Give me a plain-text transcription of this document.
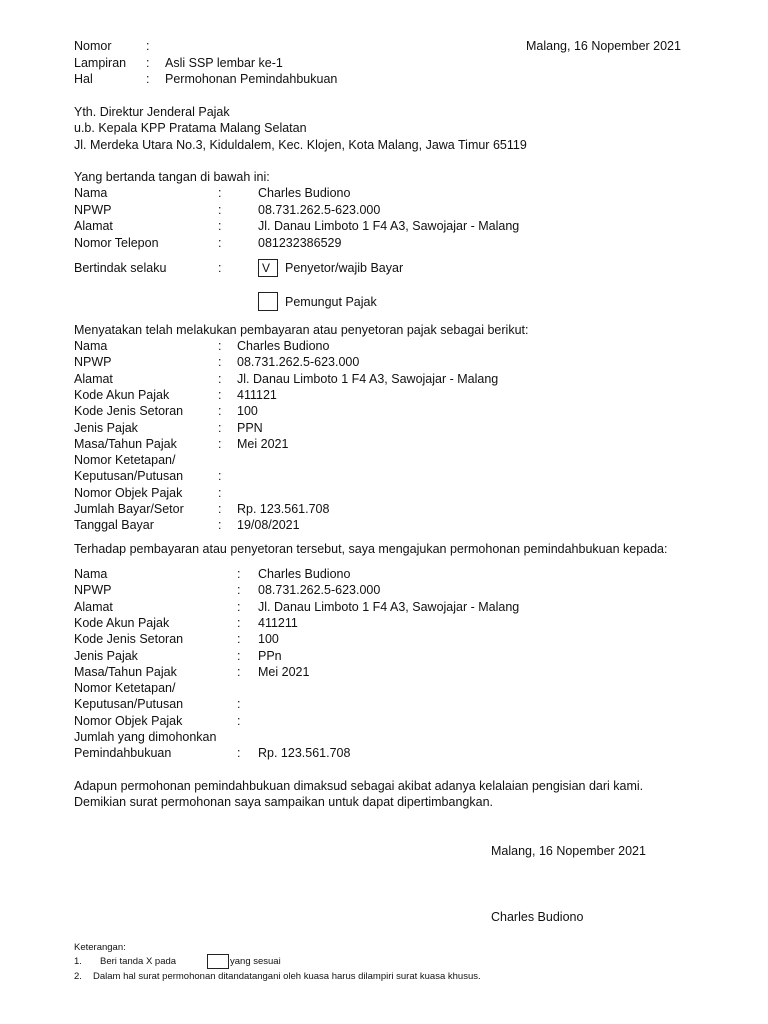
Malang, 16 Nopember 2021
Yth. Direktur Jenderal Pajak
u.b. Kepala KPP Pratama Malang Selatan
Jl. Merdeka Utara No.3, Kiduldalem, Kec. Klojen, Kota Malang, Jawa Timur 65119
Yang bertanda tangan di bawah ini:
Bertindak selaku	:	V Penyetor/wajib Bayar
Pemungut Pajak
Menyatakan telah melakukan pembayaran atau penyetoran pajak sebagai berikut:
Terhadap pembayaran atau penyetoran tersebut, saya mengajukan permohonan pemindahbukuan kepada:
Adapun permohonan pemindahbukuan dimaksud sebagai akibat adanya kelalaian pengisian dari kami.
Demikian surat permohonan saya sampaikan untuk dapat dipertimbangkan.
Malang, 16 Nopember 2021
Charles Budiono
Keterangan:
1. Beri tanda X pada	yang sesuai
2. Dalam hal surat permohonan ditandatangani oleh kuasa harus dilampiri surat kuasa khusus.
Nomor	:
Lampiran : Asli SSP lembar ke-1
Hal	: Permohonan Pemindahbukuan
Nama	:	Charles Budiono
NPWP	:	08.731.262.5-623.000
Alamat	:	Jl. Danau Limboto 1 F4 A3, Sawojajar - Malang
Nomor Telepon	:	081232386529
Nama	: Charles Budiono
NPWP	: 08.731.262.5-623.000
Alamat	: Jl. Danau Limboto 1 F4 A3, Sawojajar - Malang
Kode Akun Pajak	: 411121
Kode Jenis Setoran	: 100
Jenis Pajak	: PPN
Masa/Tahun Pajak	: Mei 2021
Nomor Ketetapan/
Keputusan/Putusan	:
Nomor Objek Pajak	:
Jumlah Bayar/Setor	: Rp. 123.561.708
Tanggal Bayar	: 19/08/2021
Nama	: Charles Budiono
NPWP	: 08.731.262.5-623.000
Alamat	: Jl. Danau Limboto 1 F4 A3, Sawojajar - Malang
Kode Akun Pajak	: 411211
Kode Jenis Setoran	: 100
Jenis Pajak	: PPn
Masa/Tahun Pajak	: Mei 2021
Nomor Ketetapan/
Keputusan/Putusan	:
Nomor Objek Pajak	:
Jumlah yang dimohonkan
Pemindahbukuan	: Rp. 123.561.708
